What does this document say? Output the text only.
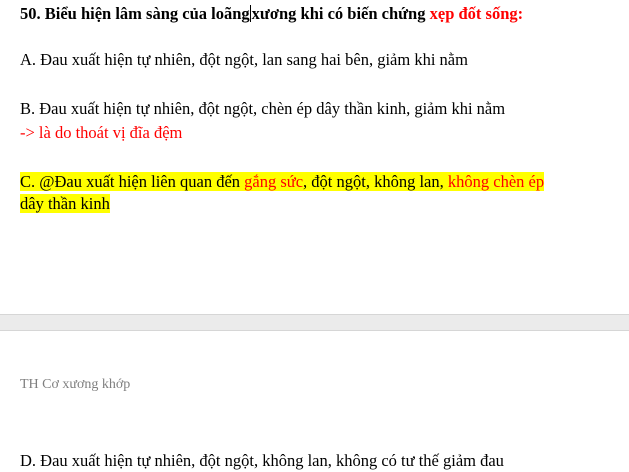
50. Biểu hiện lâm sàng của loãng xương khi có biến chứng xẹp đốt sống:
A. Đau xuất hiện tự nhiên, đột ngột, lan sang hai bên, giảm khi nằm
B. Đau xuất hiện tự nhiên, đột ngột, chèn ép dây thần kinh, giảm khi nằm
-> là do thoát vị đĩa đệm
C. @Đau xuất hiện liên quan đến gắng sức, đột ngột, không lan, không chèn ép
dây thần kinh
TH Cơ xương khớp
D. Đau xuất hiện tự nhiên, đột ngột, không lan, không có tư thế giảm đau
